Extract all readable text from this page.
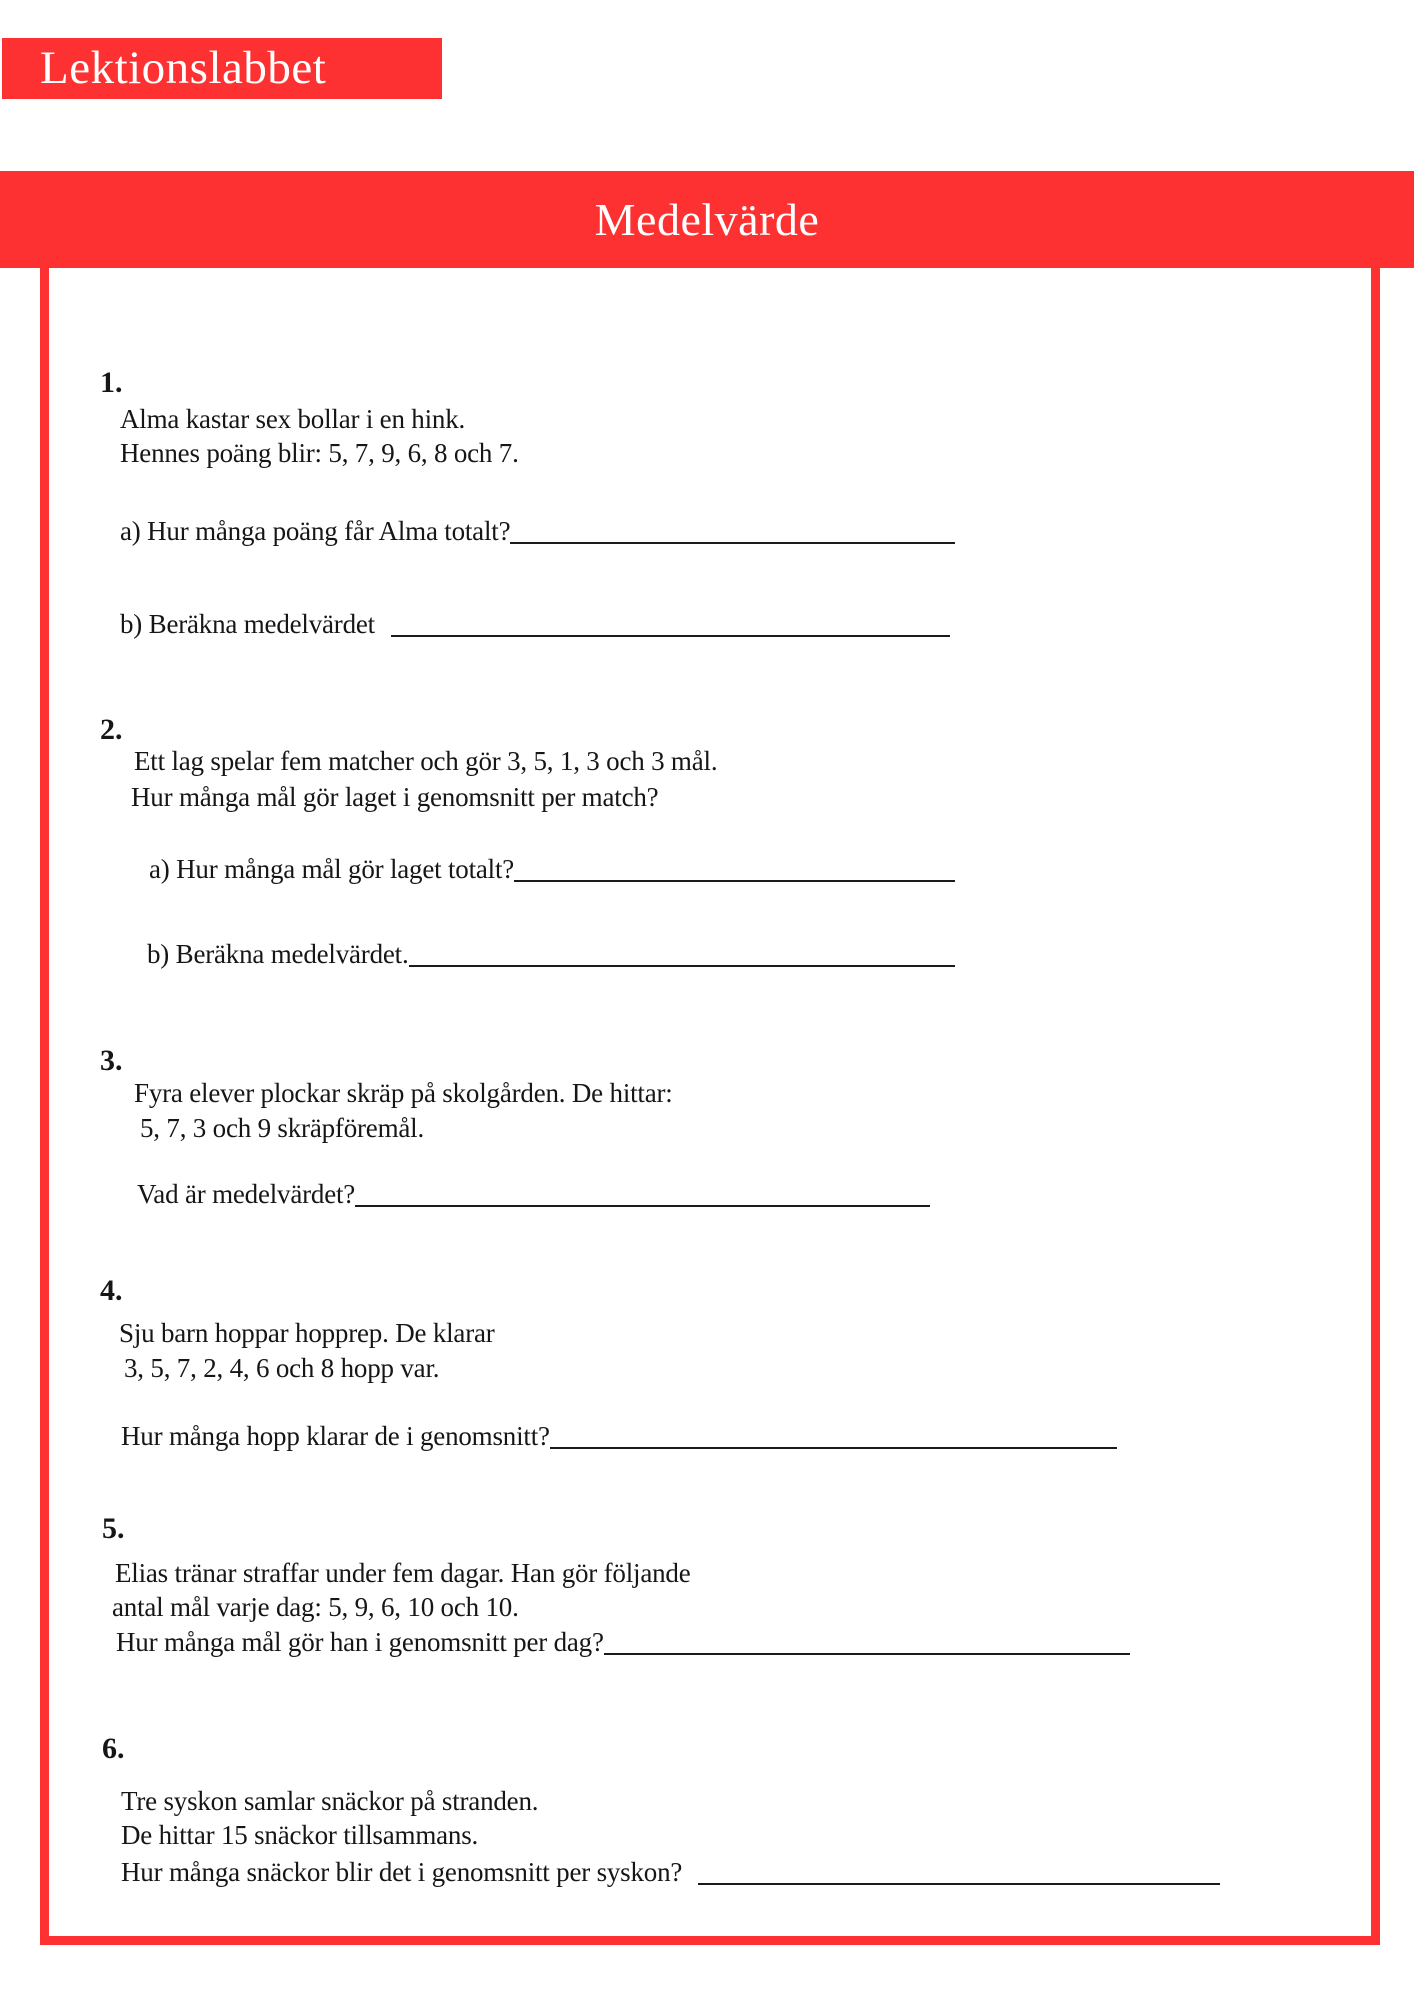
Lektionslabbet
Medelvärde
1.
Alma kastar sex bollar i en hink.
Hennes poäng blir: 5, 7, 9, 6, 8 och 7.
a) Hur många poäng får Alma totalt?
b) Beräkna medelvärdet
2.
Ett lag spelar fem matcher och gör 3, 5, 1, 3 och 3 mål.
Hur många mål gör laget i genomsnitt per match?
a) Hur många mål gör laget totalt?
b) Beräkna medelvärdet.
3.
Fyra elever plockar skräp på skolgården. De hittar:
5, 7, 3 och 9 skräpföremål.
Vad är medelvärdet?
4.
Sju barn hoppar hopprep. De klarar
3, 5, 7, 2, 4, 6 och 8 hopp var.
Hur många hopp klarar de i genomsnitt?
5.
Elias tränar straffar under fem dagar. Han gör följande
antal mål varje dag: 5, 9, 6, 10 och 10.
Hur många mål gör han i genomsnitt per dag?
6.
Tre syskon samlar snäckor på stranden.
De hittar 15 snäckor tillsammans.
Hur många snäckor blir det i genomsnitt per syskon?
